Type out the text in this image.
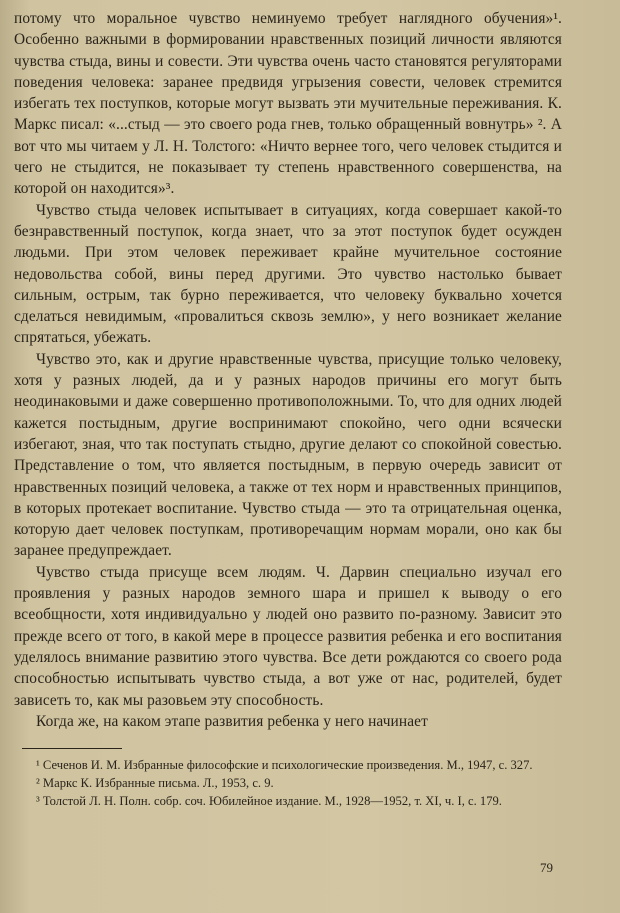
потому что моральное чувство неминуемо требует наглядного обучения»¹. Особенно важными в формировании нравственных позиций личности являются чувства стыда, вины и совести. Эти чувства очень часто становятся регуляторами поведения человека: заранее предвидя угрызения совести, человек стремится избегать тех поступков, которые могут вызвать эти мучительные переживания. К. Маркс писал: «...стыд — это своего рода гнев, только обращенный вовнутрь» ². А вот что мы читаем у Л. Н. Толстого: «Ничто вернее того, чего человек стыдится и чего не стыдится, не показывает ту степень нравственного совершенства, на которой он находится»³.

Чувство стыда человек испытывает в ситуациях, когда совершает какой-то безнравственный поступок, когда знает, что за этот поступок будет осужден людьми. При этом человек переживает крайне мучительное состояние недовольства собой, вины перед другими. Это чувство настолько бывает сильным, острым, так бурно переживается, что человеку буквально хочется сделаться невидимым, «провалиться сквозь землю», у него возникает желание спрятаться, убежать.

Чувство это, как и другие нравственные чувства, присущие только человеку, хотя у разных людей, да и у разных народов причины его могут быть неодинаковыми и даже совершенно противоположными. То, что для одних людей кажется постыдным, другие воспринимают спокойно, чего одни всячески избегают, зная, что так поступать стыдно, другие делают со спокойной совестью. Представление о том, что является постыдным, в первую очередь зависит от нравственных позиций человека, а также от тех норм и нравственных принципов, в которых протекает воспитание. Чувство стыда — это та отрицательная оценка, которую дает человек поступкам, противоречащим нормам морали, оно как бы заранее предупреждает.

Чувство стыда присуще всем людям. Ч. Дарвин специально изучал его проявления у разных народов земного шара и пришел к выводу о его всеобщности, хотя индивидуально у людей оно развито по-разному. Зависит это прежде всего от того, в какой мере в процессе развития ребенка и его воспитания уделялось внимание развитию этого чувства. Все дети рождаются со своего рода способностью испытывать чувство стыда, а вот уже от нас, родителей, будет зависеть то, как мы разовьем эту способность.

Когда же, на каком этапе развития ребенка у него начинает

¹ Сеченов И. М. Избранные философские и психологические произведения. М., 1947, с. 327.

² Маркс К. Избранные письма. Л., 1953, с. 9.

³ Толстой Л. Н. Полн. собр. соч. Юбилейное издание. М., 1928—1952, т. XI, ч. I, с. 179.

79
